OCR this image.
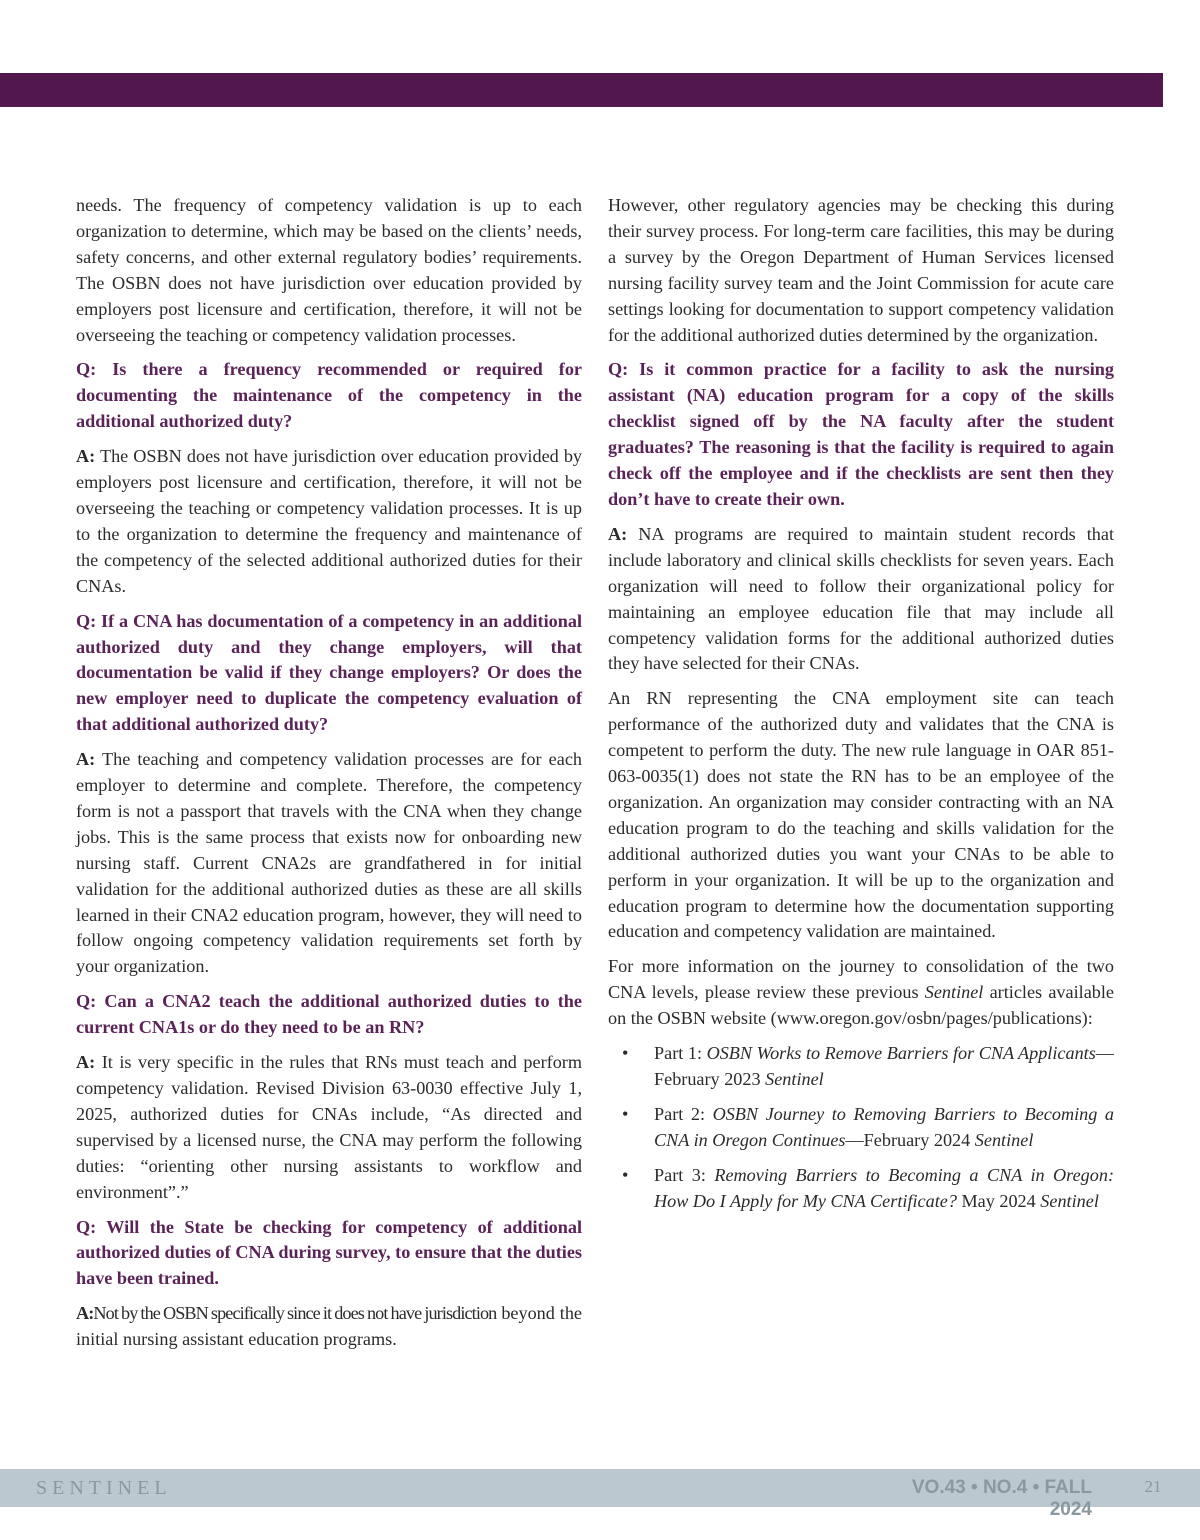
needs. The frequency of competency validation is up to each organization to determine, which may be based on the clients’ needs, safety concerns, and other external regulatory bodies’ requirements. The OSBN does not have jurisdiction over education provided by employers post licensure and certification, therefore, it will not be overseeing the teaching or competency validation processes.

Q: Is there a frequency recommended or required for documenting the maintenance of the competency in the additional authorized duty?

A: The OSBN does not have jurisdiction over education provided by employers post licensure and certification, therefore, it will not be overseeing the teaching or competency validation processes. It is up to the organization to determine the frequency and maintenance of the competency of the selected additional authorized duties for their CNAs.

Q: If a CNA has documentation of a competency in an additional authorized duty and they change employers, will that documentation be valid if they change employers? Or does the new employer need to duplicate the competency evaluation of that additional authorized duty?

A: The teaching and competency validation processes are for each employer to determine and complete. Therefore, the competency form is not a passport that travels with the CNA when they change jobs. This is the same process that exists now for onboarding new nursing staff. Current CNA2s are grandfathered in for initial validation for the additional authorized duties as these are all skills learned in their CNA2 education program, however, they will need to follow ongoing competency validation requirements set forth by your organization.

Q: Can a CNA2 teach the additional authorized duties to the current CNA1s or do they need to be an RN?

A: It is very specific in the rules that RNs must teach and perform competency validation. Revised Division 63-0030 effective July 1, 2025, authorized duties for CNAs include, “As directed and supervised by a licensed nurse, the CNA may perform the following duties: “orienting other nursing assistants to workflow and environment”.”

Q: Will the State be checking for competency of additional authorized duties of CNA during survey, to ensure that the duties have been trained.

A:Not by the OSBN specifically since it does not have jurisdiction beyond the initial nursing assistant education programs.

However, other regulatory agencies may be checking this during their survey process. For long-term care facilities, this may be during a survey by the Oregon Department of Human Services licensed nursing facility survey team and the Joint Commission for acute care settings looking for documentation to support competency validation for the additional authorized duties determined by the organization.

Q: Is it common practice for a facility to ask the nursing assistant (NA) education program for a copy of the skills checklist signed off by the NA faculty after the student graduates? The reasoning is that the facility is required to again check off the employee and if the checklists are sent then they don’t have to create their own.

A: NA programs are required to maintain student records that include laboratory and clinical skills checklists for seven years. Each organization will need to follow their organizational policy for maintaining an employee education file that may include all competency validation forms for the additional authorized duties they have selected for their CNAs.

An RN representing the CNA employment site can teach performance of the authorized duty and validates that the CNA is competent to perform the duty. The new rule language in OAR 851-063-0035(1) does not state the RN has to be an employee of the organization. An organization may consider contracting with an NA education program to do the teaching and skills validation for the additional authorized duties you want your CNAs to be able to perform in your organization. It will be up to the organization and education program to determine how the documentation supporting education and competency validation are maintained.

For more information on the journey to consolidation of the two CNA levels, please review these previous Sentinel articles available on the OSBN website (www.oregon.gov/osbn/pages/publications):

• Part 1: OSBN Works to Remove Barriers for CNA Applicants—February 2023 Sentinel
• Part 2: OSBN Journey to Removing Barriers to Becoming a CNA in Oregon Continues—February 2024 Sentinel
• Part 3: Removing Barriers to Becoming a CNA in Oregon: How Do I Apply for My CNA Certificate? May 2024 Sentinel
SENTINEL	VO.43 • NO.4 • FALL 2024
21
